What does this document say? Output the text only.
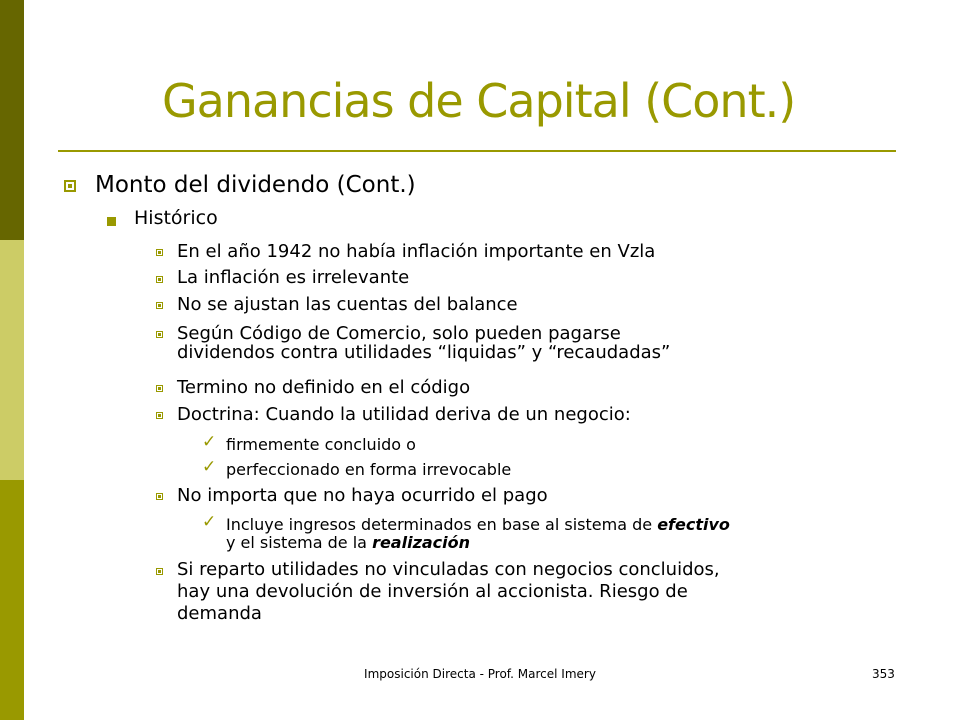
Ganancias de Capital (Cont.)
Monto del dividendo (Cont.)
Histórico
En el año 1942 no había inflación importante en Vzla
La inflación es irrelevante
No se ajustan las cuentas del balance
Según Código de Comercio, solo pueden pagarse
dividendos contra utilidades “liquidas” y “recaudadas”
Termino no definido en el código
Doctrina: Cuando la utilidad deriva de un negocio:
✓ firmemente concluido o
✓ perfeccionado en forma irrevocable
No importa que no haya ocurrido el pago
✓ Incluye ingresos determinados en base al sistema de efectivo
y el sistema de la realización
Si reparto utilidades no vinculadas con negocios concluidos,
hay una devolución de inversión al accionista. Riesgo de
demanda
Imposición Directa - Prof. Marcel Imery	353
